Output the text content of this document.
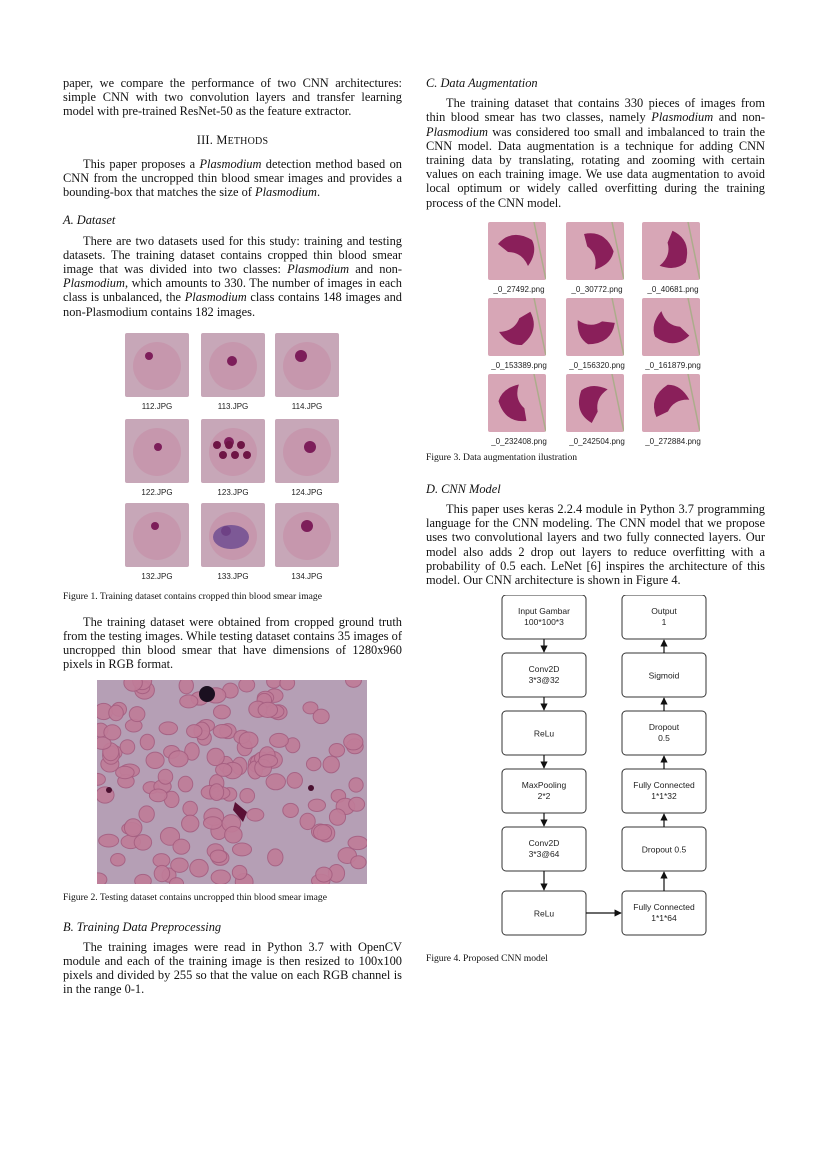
paper, we compare the performance of two CNN architectures: simple CNN with two convolution layers and transfer learning model with pre-trained ResNet-50 as the feature extractor.

III. METHODS

This paper proposes a Plasmodium detection method based on CNN from the uncropped thin blood smear images and provides a bounding-box that matches the size of Plasmodium.

A. Dataset

There are two datasets used for this study: training and testing datasets. The training dataset contains cropped thin blood smear image that was divided into two classes: Plasmodium and non-Plasmodium, which amounts to 330. The number of images in each class is unbalanced, the Plasmodium class contains 148 images and non-Plasmodium contains 182 images.

112.JPG	113.JPG	114.JPG
122.JPG	123.JPG	124.JPG
132.JPG	133.JPG	134.JPG

Figure 1. Training dataset contains cropped thin blood smear image

The training dataset were obtained from cropped ground truth from the testing images. While testing dataset contains 35 images of uncropped thin blood smear that have dimensions of 1280x960 pixels in RGB format.

Figure 2. Testing dataset contains uncropped thin blood smear image

B. Training Data Preprocessing

The training images were read in Python 3.7 with OpenCV module and each of the training image is then resized to 100x100 pixels and divided by 255 so that the value on each RGB channel is in the range 0-1.

C. Data Augmentation

The training dataset that contains 330 pieces of images from thin blood smear has two classes, namely Plasmodium and non-Plasmodium was considered too small and imbalanced to train the CNN model. Data augmentation is a technique for adding CNN training data by translating, rotating and zooming with certain values on each training image. We use data augmentation to avoid local optimum or widely called overfitting during the training process of the CNN model.

_0_27492.png	_0_30772.png	_0_40681.png
_0_153389.png	_0_156320.png	_0_161879.png
_0_232408.png	_0_242504.png	_0_272884.png

Figure 3. Data augmentation ilustration

D. CNN Model

This paper uses keras 2.2.4 module in Python 3.7 programming language for the CNN modeling. The CNN model that we propose uses two convolutional layers and two fully connected layers. Our model also adds 2 drop out layers to reduce overfitting with a probability of 0.5 each. LeNet [6] inspires the architecture of this model. Our CNN architecture is shown in Figure 4.

Input Gambar
100*100*3
Conv2D
3*3@32
ReLu
MaxPooling
2*2
Conv2D
3*3@64
ReLu
Output
1
Sigmoid
Dropout
0.5
Fully Connected
1*1*32
Dropout 0.5
Fully Connected
1*1*64

Figure 4. Proposed CNN model
